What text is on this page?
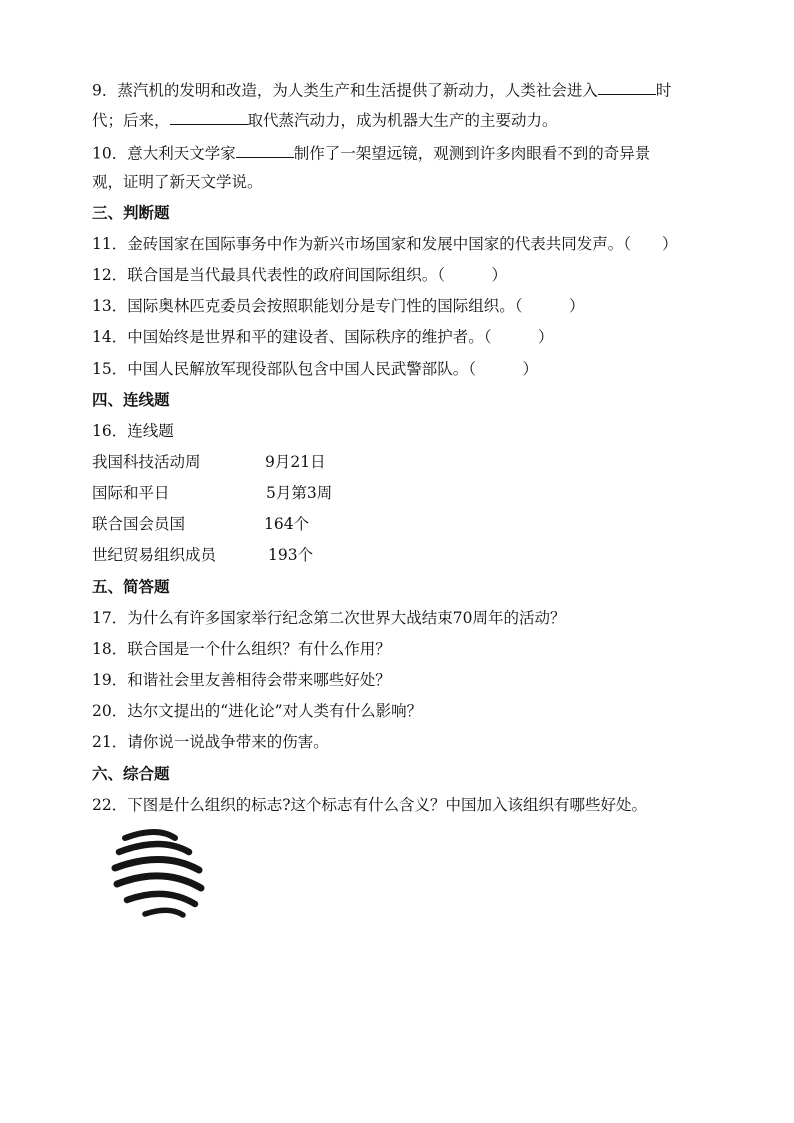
9．蒸汽机的发明和改造，为人类生产和生活提供了新动力，人类社会进入	时

代；后来，	取代蒸汽动力，成为机器大生产的主要动力。

10．意大利天文学家	制作了一架望远镜，观测到许多肉眼看不到的奇异景

观，证明了新天文学说。

三、判断题

11．金砖国家在国际事务中作为新兴市场国家和发展中国家的代表共同发声。（　　）

12．联合国是当代最具代表性的政府间国际组织。（　　　）

13．国际奥林匹克委员会按照职能划分是专门性的国际组织。（　　　）

14．中国始终是世界和平的建设者、国际秩序的维护者。（　　　）

15．中国人民解放军现役部队包含中国人民武警部队。（　　　）

四、连线题

16．连线题

我国科技活动周	9月21日

国际和平日	5月第3周

联合国会员国	164个

世纪贸易组织成员	193个

五、简答题

17．为什么有许多国家举行纪念第二次世界大战结束70周年的活动？

18．联合国是一个什么组织？有什么作用？

19．和谐社会里友善相待会带来哪些好处？

20．达尔文提出的“进化论”对人类有什么影响？

21．请你说一说战争带来的伤害。

六、综合题

22．下图是什么组织的标志?这个标志有什么含义？中国加入该组织有哪些好处。
